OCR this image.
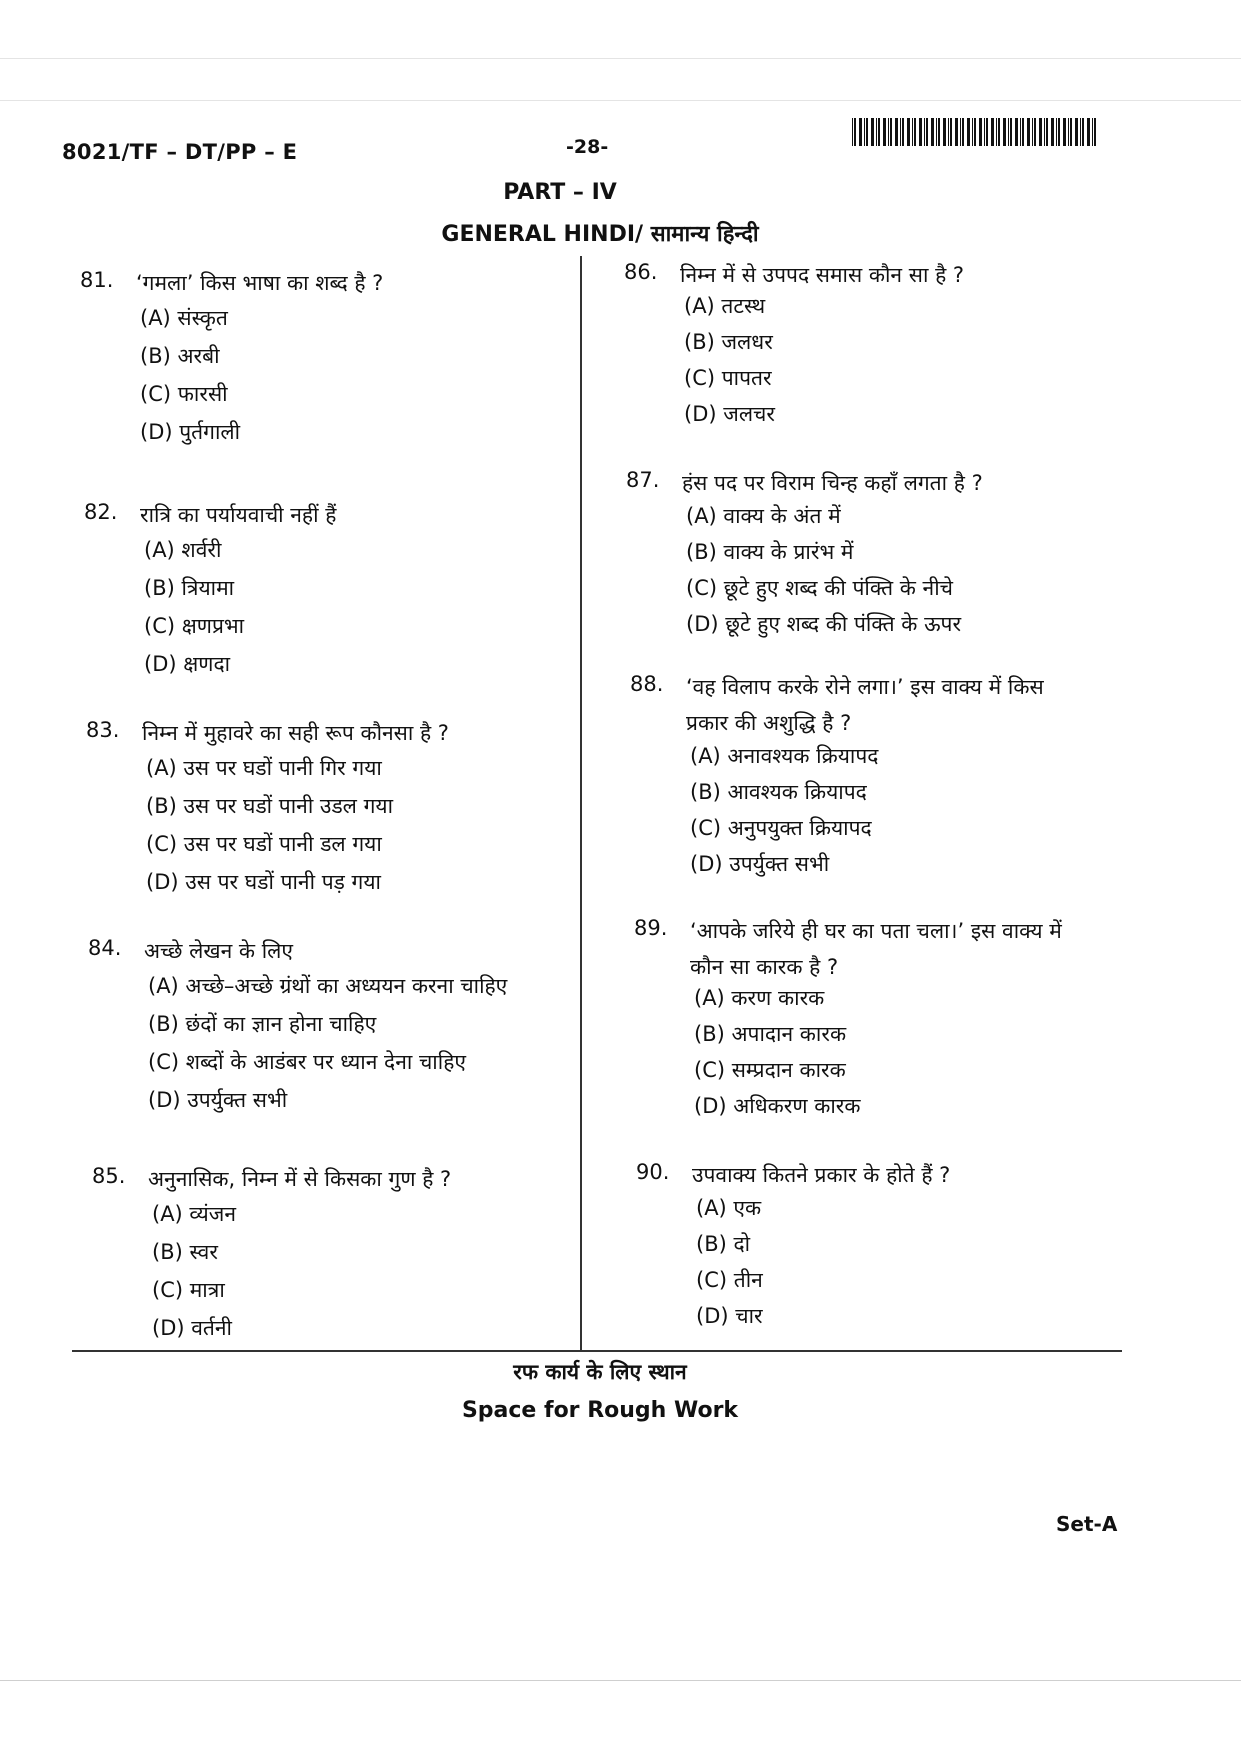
8021/TF – DT/PP – E	-28-
PART – IV
GENERAL HINDI/ सामान्य हिन्दी
81. ‘गमला’ किस भाषा का शब्द है ?
(A) संस्कृत
(B) अरबी
(C) फारसी
(D) पुर्तगाली
82. रात्रि का पर्यायवाची नहीं हैं
(A) शर्वरी
(B) त्रियामा
(C) क्षणप्रभा
(D) क्षणदा
83. निम्न में मुहावरे का सही रूप कौनसा है ?
(A) उस पर घडों पानी गिर गया
(B) उस पर घडों पानी उडल गया
(C) उस पर घडों पानी डल गया
(D) उस पर घडों पानी पड़ गया
84. अच्छे लेखन के लिए
(A) अच्छे–अच्छे ग्रंथों का अध्ययन करना चाहिए
(B) छंदों का ज्ञान होना चाहिए
(C) शब्दों के आडंबर पर ध्यान देना चाहिए
(D) उपर्युक्त सभी
85. अनुनासिक, निम्न में से किसका गुण है ?
(A) व्यंजन
(B) स्वर
(C) मात्रा
(D) वर्तनी
86. निम्न में से उपपद समास कौन सा है ?
(A) तटस्थ
(B) जलधर
(C) पापतर
(D) जलचर
87. हंस पद पर विराम चिन्ह कहाँ लगता है ?
(A) वाक्य के अंत में
(B) वाक्य के प्रारंभ में
(C) छूटे हुए शब्द की पंक्ति के नीचे
(D) छूटे हुए शब्द की पंक्ति के ऊपर
88. ‘वह विलाप करके रोने लगा।’ इस वाक्य में किस
प्रकार की अशुद्धि है ?
(A) अनावश्यक क्रियापद
(B) आवश्यक क्रियापद
(C) अनुपयुक्त क्रियापद
(D) उपर्युक्त सभी
89. ‘आपके जरिये ही घर का पता चला।’ इस वाक्य में
कौन सा कारक है ?
(A) करण कारक
(B) अपादान कारक
(C) सम्प्रदान कारक
(D) अधिकरण कारक
90. उपवाक्य कितने प्रकार के होते हैं ?
(A) एक
(B) दो
(C) तीन
(D) चार
रफ कार्य के लिए स्थान
Space for Rough Work
Set-A
